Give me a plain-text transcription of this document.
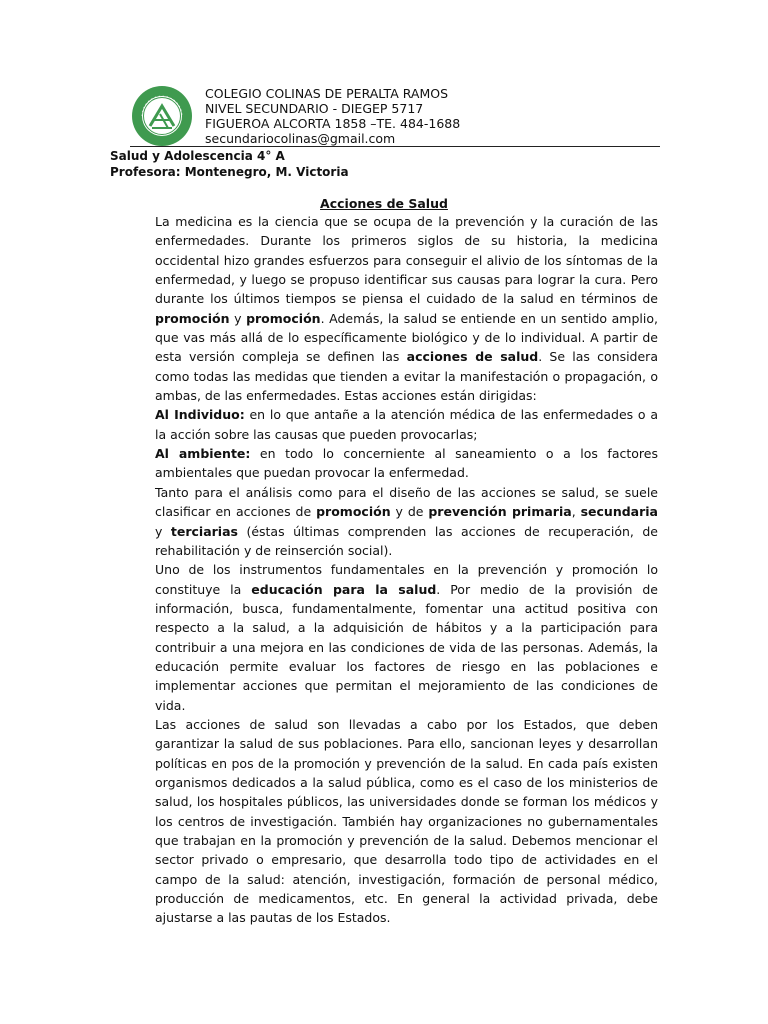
COLEGIO COLINAS DE PERALTA RAMOS
NIVEL SECUNDARIO - DIEGEP 5717
FIGUEROA ALCORTA 1858 –TE. 484-1688
secundariocolinas@gmail.com
Salud y Adolescencia 4° A
Profesora: Montenegro, M. Victoria
Acciones de Salud

La medicina es la ciencia que se ocupa de la prevención y la curación de las enfermedades. Durante los primeros siglos de su historia, la medicina occidental hizo grandes esfuerzos para conseguir el alivio de los síntomas de la enfermedad, y luego se propuso identificar sus causas para lograr la cura. Pero durante los últimos tiempos se piensa el cuidado de la salud en términos de promoción y promoción. Además, la salud se entiende en un sentido amplio, que vas más allá de lo específicamente biológico y de lo individual. A partir de esta versión compleja se definen las acciones de salud. Se las considera como todas las medidas que tienden a evitar la manifestación o propagación, o ambas, de las enfermedades. Estas acciones están dirigidas:

Al Individuo: en lo que antañe a la atención médica de las enfermedades o a la acción sobre las causas que pueden provocarlas;

Al ambiente: en todo lo concerniente al saneamiento o a los factores ambientales que puedan provocar la enfermedad.

Tanto para el análisis como para el diseño de las acciones se salud, se suele clasificar en acciones de promoción y de prevención primaria, secundaria y terciarias (éstas últimas comprenden las acciones de recuperación, de rehabilitación y de reinserción social).

Uno de los instrumentos fundamentales en la prevención y promoción lo constituye la educación para la salud. Por medio de la provisión de información, busca, fundamentalmente, fomentar una actitud positiva con respecto a la salud, a la adquisición de hábitos y a la participación para contribuir a una mejora en las condiciones de vida de las personas. Además, la educación permite evaluar los factores de riesgo en las poblaciones e implementar acciones que permitan el mejoramiento de las condiciones de vida.

Las acciones de salud son llevadas a cabo por los Estados, que deben garantizar la salud de sus poblaciones. Para ello, sancionan leyes y desarrollan políticas en pos de la promoción y prevención de la salud. En cada país existen organismos dedicados a la salud pública, como es el caso de los ministerios de salud, los hospitales públicos, las universidades donde se forman los médicos y los centros de investigación. También hay organizaciones no gubernamentales que trabajan en la promoción y prevención de la salud. Debemos mencionar el sector privado o empresario, que desarrolla todo tipo de actividades en el campo de la salud: atención, investigación, formación de personal médico, producción de medicamentos, etc. En general la actividad privada, debe ajustarse a las pautas de los Estados.
